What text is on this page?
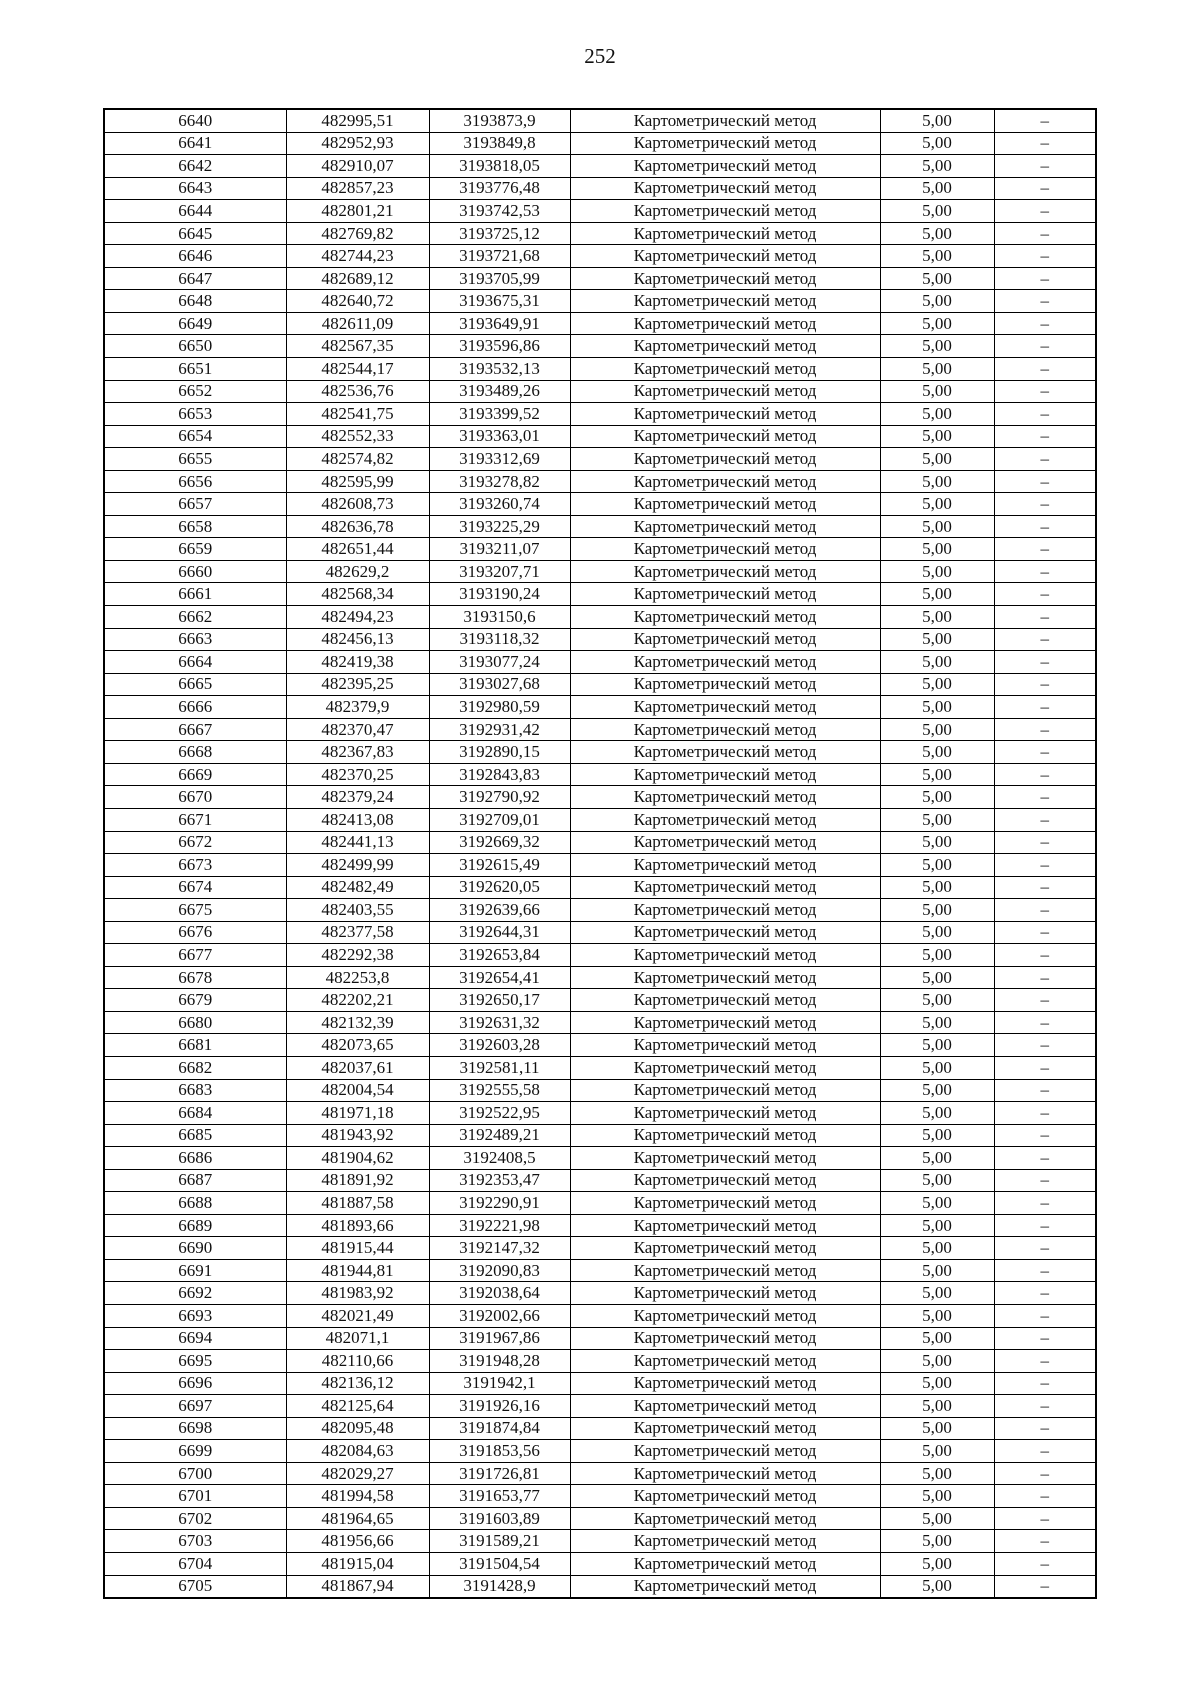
252
6640	482995,51	3193873,9	Картометрический метод	5,00	–
6641	482952,93	3193849,8	Картометрический метод	5,00	–
6642	482910,07	3193818,05	Картометрический метод	5,00	–
6643	482857,23	3193776,48	Картометрический метод	5,00	–
6644	482801,21	3193742,53	Картометрический метод	5,00	–
6645	482769,82	3193725,12	Картометрический метод	5,00	–
6646	482744,23	3193721,68	Картометрический метод	5,00	–
6647	482689,12	3193705,99	Картометрический метод	5,00	–
6648	482640,72	3193675,31	Картометрический метод	5,00	–
6649	482611,09	3193649,91	Картометрический метод	5,00	–
6650	482567,35	3193596,86	Картометрический метод	5,00	–
6651	482544,17	3193532,13	Картометрический метод	5,00	–
6652	482536,76	3193489,26	Картометрический метод	5,00	–
6653	482541,75	3193399,52	Картометрический метод	5,00	–
6654	482552,33	3193363,01	Картометрический метод	5,00	–
6655	482574,82	3193312,69	Картометрический метод	5,00	–
6656	482595,99	3193278,82	Картометрический метод	5,00	–
6657	482608,73	3193260,74	Картометрический метод	5,00	–
6658	482636,78	3193225,29	Картометрический метод	5,00	–
6659	482651,44	3193211,07	Картометрический метод	5,00	–
6660	482629,2	3193207,71	Картометрический метод	5,00	–
6661	482568,34	3193190,24	Картометрический метод	5,00	–
6662	482494,23	3193150,6	Картометрический метод	5,00	–
6663	482456,13	3193118,32	Картометрический метод	5,00	–
6664	482419,38	3193077,24	Картометрический метод	5,00	–
6665	482395,25	3193027,68	Картометрический метод	5,00	–
6666	482379,9	3192980,59	Картометрический метод	5,00	–
6667	482370,47	3192931,42	Картометрический метод	5,00	–
6668	482367,83	3192890,15	Картометрический метод	5,00	–
6669	482370,25	3192843,83	Картометрический метод	5,00	–
6670	482379,24	3192790,92	Картометрический метод	5,00	–
6671	482413,08	3192709,01	Картометрический метод	5,00	–
6672	482441,13	3192669,32	Картометрический метод	5,00	–
6673	482499,99	3192615,49	Картометрический метод	5,00	–
6674	482482,49	3192620,05	Картометрический метод	5,00	–
6675	482403,55	3192639,66	Картометрический метод	5,00	–
6676	482377,58	3192644,31	Картометрический метод	5,00	–
6677	482292,38	3192653,84	Картометрический метод	5,00	–
6678	482253,8	3192654,41	Картометрический метод	5,00	–
6679	482202,21	3192650,17	Картометрический метод	5,00	–
6680	482132,39	3192631,32	Картометрический метод	5,00	–
6681	482073,65	3192603,28	Картометрический метод	5,00	–
6682	482037,61	3192581,11	Картометрический метод	5,00	–
6683	482004,54	3192555,58	Картометрический метод	5,00	–
6684	481971,18	3192522,95	Картометрический метод	5,00	–
6685	481943,92	3192489,21	Картометрический метод	5,00	–
6686	481904,62	3192408,5	Картометрический метод	5,00	–
6687	481891,92	3192353,47	Картометрический метод	5,00	–
6688	481887,58	3192290,91	Картометрический метод	5,00	–
6689	481893,66	3192221,98	Картометрический метод	5,00	–
6690	481915,44	3192147,32	Картометрический метод	5,00	–
6691	481944,81	3192090,83	Картометрический метод	5,00	–
6692	481983,92	3192038,64	Картометрический метод	5,00	–
6693	482021,49	3192002,66	Картометрический метод	5,00	–
6694	482071,1	3191967,86	Картометрический метод	5,00	–
6695	482110,66	3191948,28	Картометрический метод	5,00	–
6696	482136,12	3191942,1	Картометрический метод	5,00	–
6697	482125,64	3191926,16	Картометрический метод	5,00	–
6698	482095,48	3191874,84	Картометрический метод	5,00	–
6699	482084,63	3191853,56	Картометрический метод	5,00	–
6700	482029,27	3191726,81	Картометрический метод	5,00	–
6701	481994,58	3191653,77	Картометрический метод	5,00	–
6702	481964,65	3191603,89	Картометрический метод	5,00	–
6703	481956,66	3191589,21	Картометрический метод	5,00	–
6704	481915,04	3191504,54	Картометрический метод	5,00	–
6705	481867,94	3191428,9	Картометрический метод	5,00	–
